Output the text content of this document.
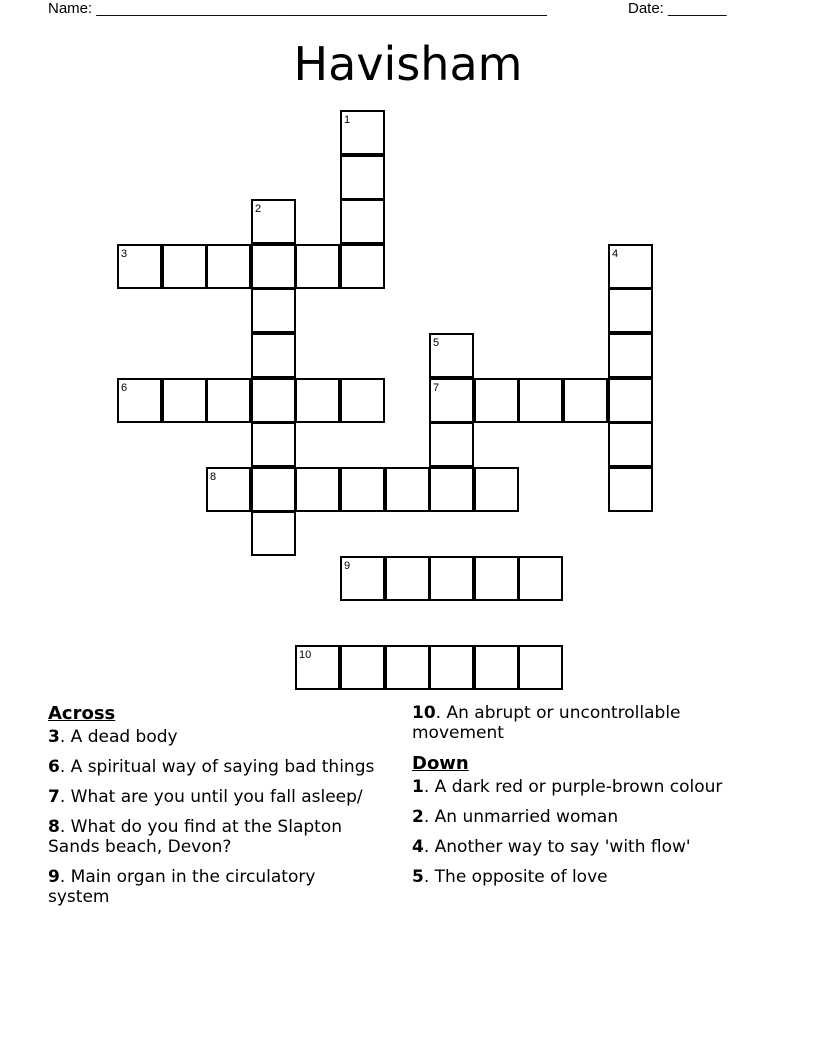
Name: ______________________________________________________	Date: _______
Havisham
1
2
3	4
5
7
6
8
9
10
Across
3. A dead body
6. A spiritual way of saying bad things
7. What are you until you fall asleep/
8. What do you find at the Slapton Sands beach, Devon?
9. Main organ in the circulatory system
10. An abrupt or uncontrollable movement
Down
1. A dark red or purple-brown colour
2. An unmarried woman
4. Another way to say 'with flow'
5. The opposite of love
